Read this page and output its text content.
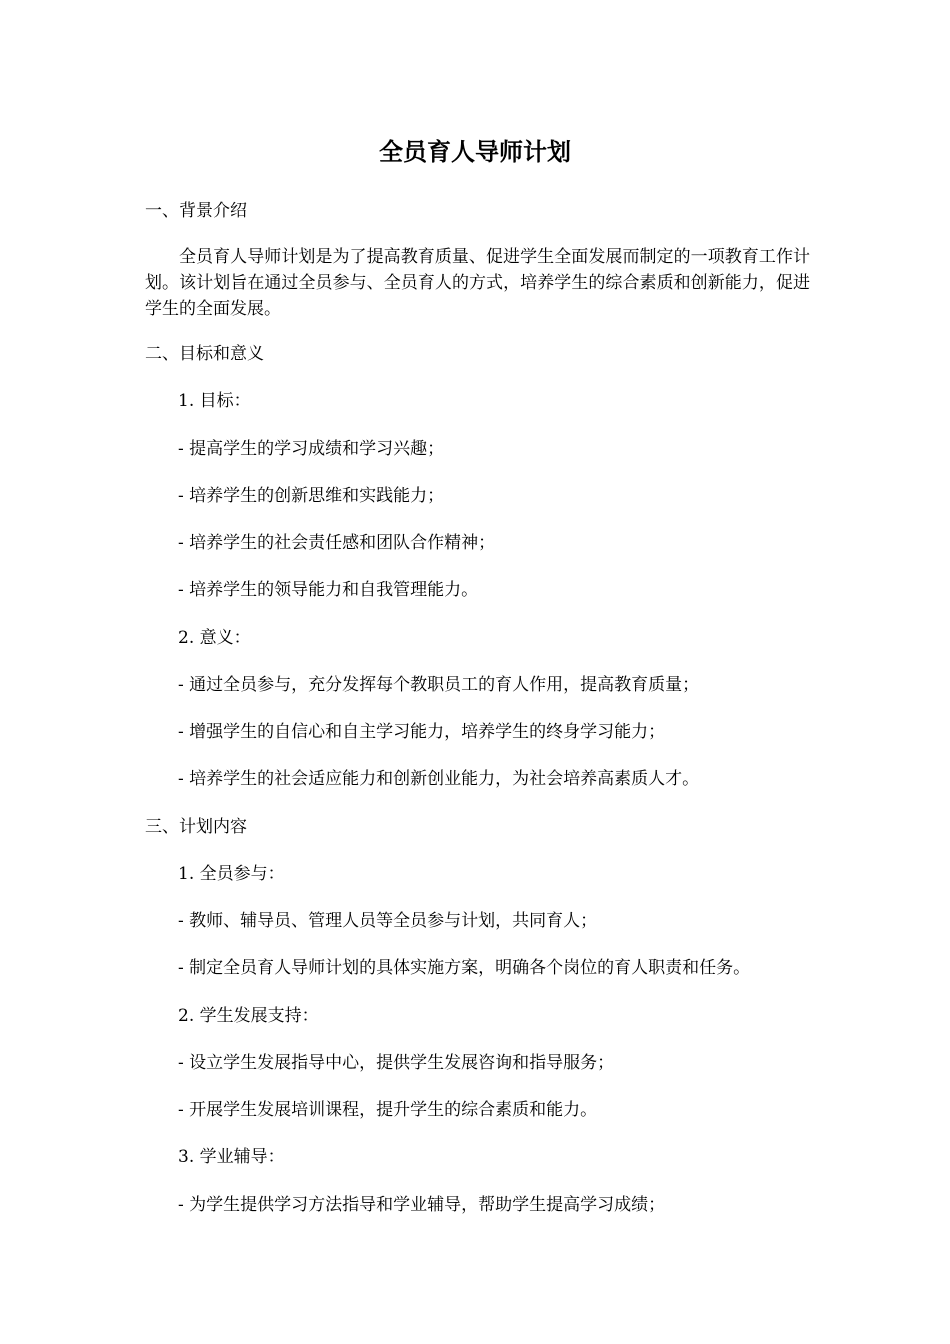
全员育人导师计划
一、背景介绍
全员育人导师计划是为了提高教育质量、促进学生全面发展而制定的一项教育工作计划。该计划旨在通过全员参与、全员育人的方式，培养学生的综合素质和创新能力，促进学生的全面发展。
二、目标和意义
1. 目标：
- 提高学生的学习成绩和学习兴趣；
- 培养学生的创新思维和实践能力；
- 培养学生的社会责任感和团队合作精神；
- 培养学生的领导能力和自我管理能力。
2. 意义：
- 通过全员参与，充分发挥每个教职员工的育人作用，提高教育质量；
- 增强学生的自信心和自主学习能力，培养学生的终身学习能力；
- 培养学生的社会适应能力和创新创业能力，为社会培养高素质人才。
三、计划内容
1. 全员参与：
- 教师、辅导员、管理人员等全员参与计划，共同育人；
- 制定全员育人导师计划的具体实施方案，明确各个岗位的育人职责和任务。
2. 学生发展支持：
- 设立学生发展指导中心，提供学生发展咨询和指导服务；
- 开展学生发展培训课程，提升学生的综合素质和能力。
3. 学业辅导：
- 为学生提供学习方法指导和学业辅导，帮助学生提高学习成绩；
